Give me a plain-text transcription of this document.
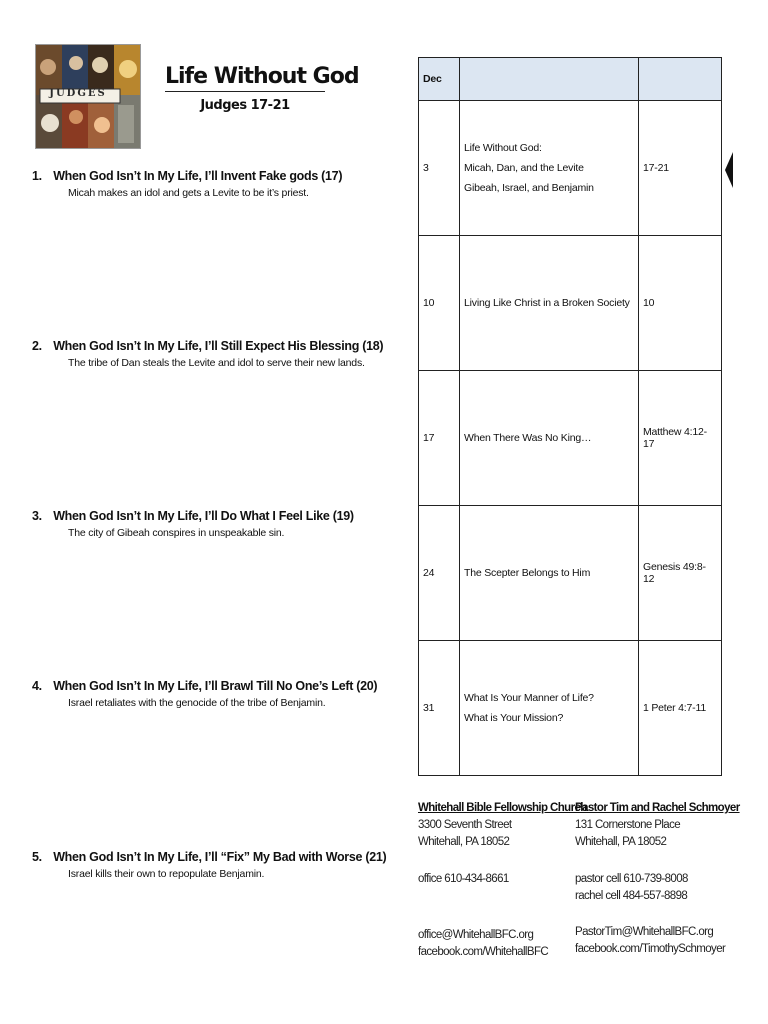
JUDGES
Life Without God
Judges 17-21
1. When God Isn’t In My Life, I’ll Invent Fake gods (17)
Micah makes an idol and gets a Levite to be it’s priest.
2. When God Isn’t In My Life, I’ll Still Expect His Blessing (18)
The tribe of Dan steals the Levite and idol to serve their new lands.
3. When God Isn’t In My Life, I’ll Do What I Feel Like (19)
The city of Gibeah conspires in unspeakable sin.
4. When God Isn’t In My Life, I’ll Brawl Till No One’s Left (20)
Israel retaliates with the genocide of the tribe of Benjamin.
5. When God Isn’t In My Life, I’ll “Fix” My Bad with Worse (21)
Israel kills their own to repopulate Benjamin.
Dec		
3	Life Without God:
Micah, Dan, and the Levite
Gibeah, Israel, and Benjamin	17-21
10	Living Like Christ in a Broken Society	10
17	When There Was No King…	Matthew 4:12-17
24	The Scepter Belongs to Him	Genesis 49:8-12
31	What Is Your Manner of Life?
What is Your Mission?	1 Peter 4:7-11
Whitehall Bible Fellowship Church
3300 Seventh Street
Whitehall, PA 18052
office 610-434-8661
office@WhitehallBFC.org
facebook.com/WhitehallBFC
Pastor Tim and Rachel Schmoyer
131 Cornerstone Place
Whitehall, PA 18052
pastor cell 610-739-8008
rachel cell 484-557-8898
PastorTim@WhitehallBFC.org
facebook.com/TimothySchmoyer
